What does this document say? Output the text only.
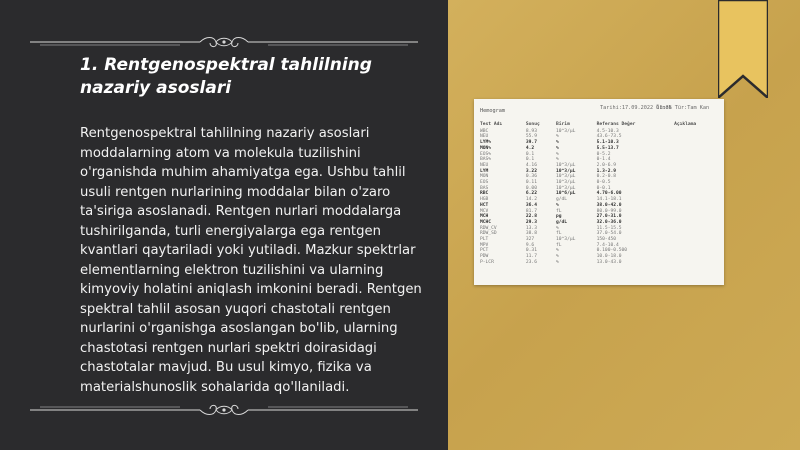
1. Rentgenospektral tahlilning nazariy asoslari
Rentgenospektral tahlilning nazariy asoslari moddalarning atom va molekula tuzilishini o'rganishda muhim ahamiyatga ega. Ushbu tahlil usuli rentgen nurlarining moddalar bilan o'zaro ta'siriga asoslanadi. Rentgen nurlari moddalarga tushirilganda, turli energiyalarga ega rentgen kvantlari qaytariladi yoki yutiladi. Mazkur spektrlar elementlarning elektron tuzilishini va ularning kimyoviy holatini aniqlash imkonini beradi. Rentgen spektral tahlil asosan yuqori chastotali rentgen nurlarini o'rganishga asoslangan bo'lib, ularning chastotasi rentgen nurlari spektri doirasidagi chastotalar mavjud. Bu usul kimyo, fizika va materialshunoslik sohalarida qo'llaniladi.
Hemogram	Tarihi:17.09.2022 11:35
Örnek Tür:Tam Kan
Test Adı	Sonuç	Birim	Referans Değer	Açıklama
WBC	8.93	10^3/µL	4.5-10.3	
NEU	55.9	%	43.6-73.5	
LYM%	39.7	%	5.1-10.3	
MON%	4.2	%	5.5-13.7	
EOS%	0.1	%	0-5.2	
BAS%	0.1	%	0-1.4	
NEU	4.16	10^3/µL	2.0-6.9	
LYM	3.22	10^3/µL	1.3-2.9	
MON	0.36	10^3/µL	0.2-0.8	
EOS	0.11	10^3/µL	0-0.5	
BAS	0.00	10^3/µL	0-0.1	
RBC	6.22	10^6/µL	4.70-6.00	
HGB	14.2	g/dL	14.1-18.1	
HCT	36.4	%	38.0-42.0	
MCV	81.7	fL	80.0-99.0	
MCH	22.8	pg	27.0-31.0	
MCHC	29.3	g/dL	32.0-36.0	
RDW_CV	13.3	%	11.5-15.5	
RDW_SD	38.8	fL	37.0-54.0	
PLT	327	10^3/µL	150-450	
MPV	9.6	fL	7.4-10.4	
PCT	0.31	%	0.100-0.500	
PDW	11.7	%	10.0-18.0	
P-LCR	23.6	%	13.0-43.0	
